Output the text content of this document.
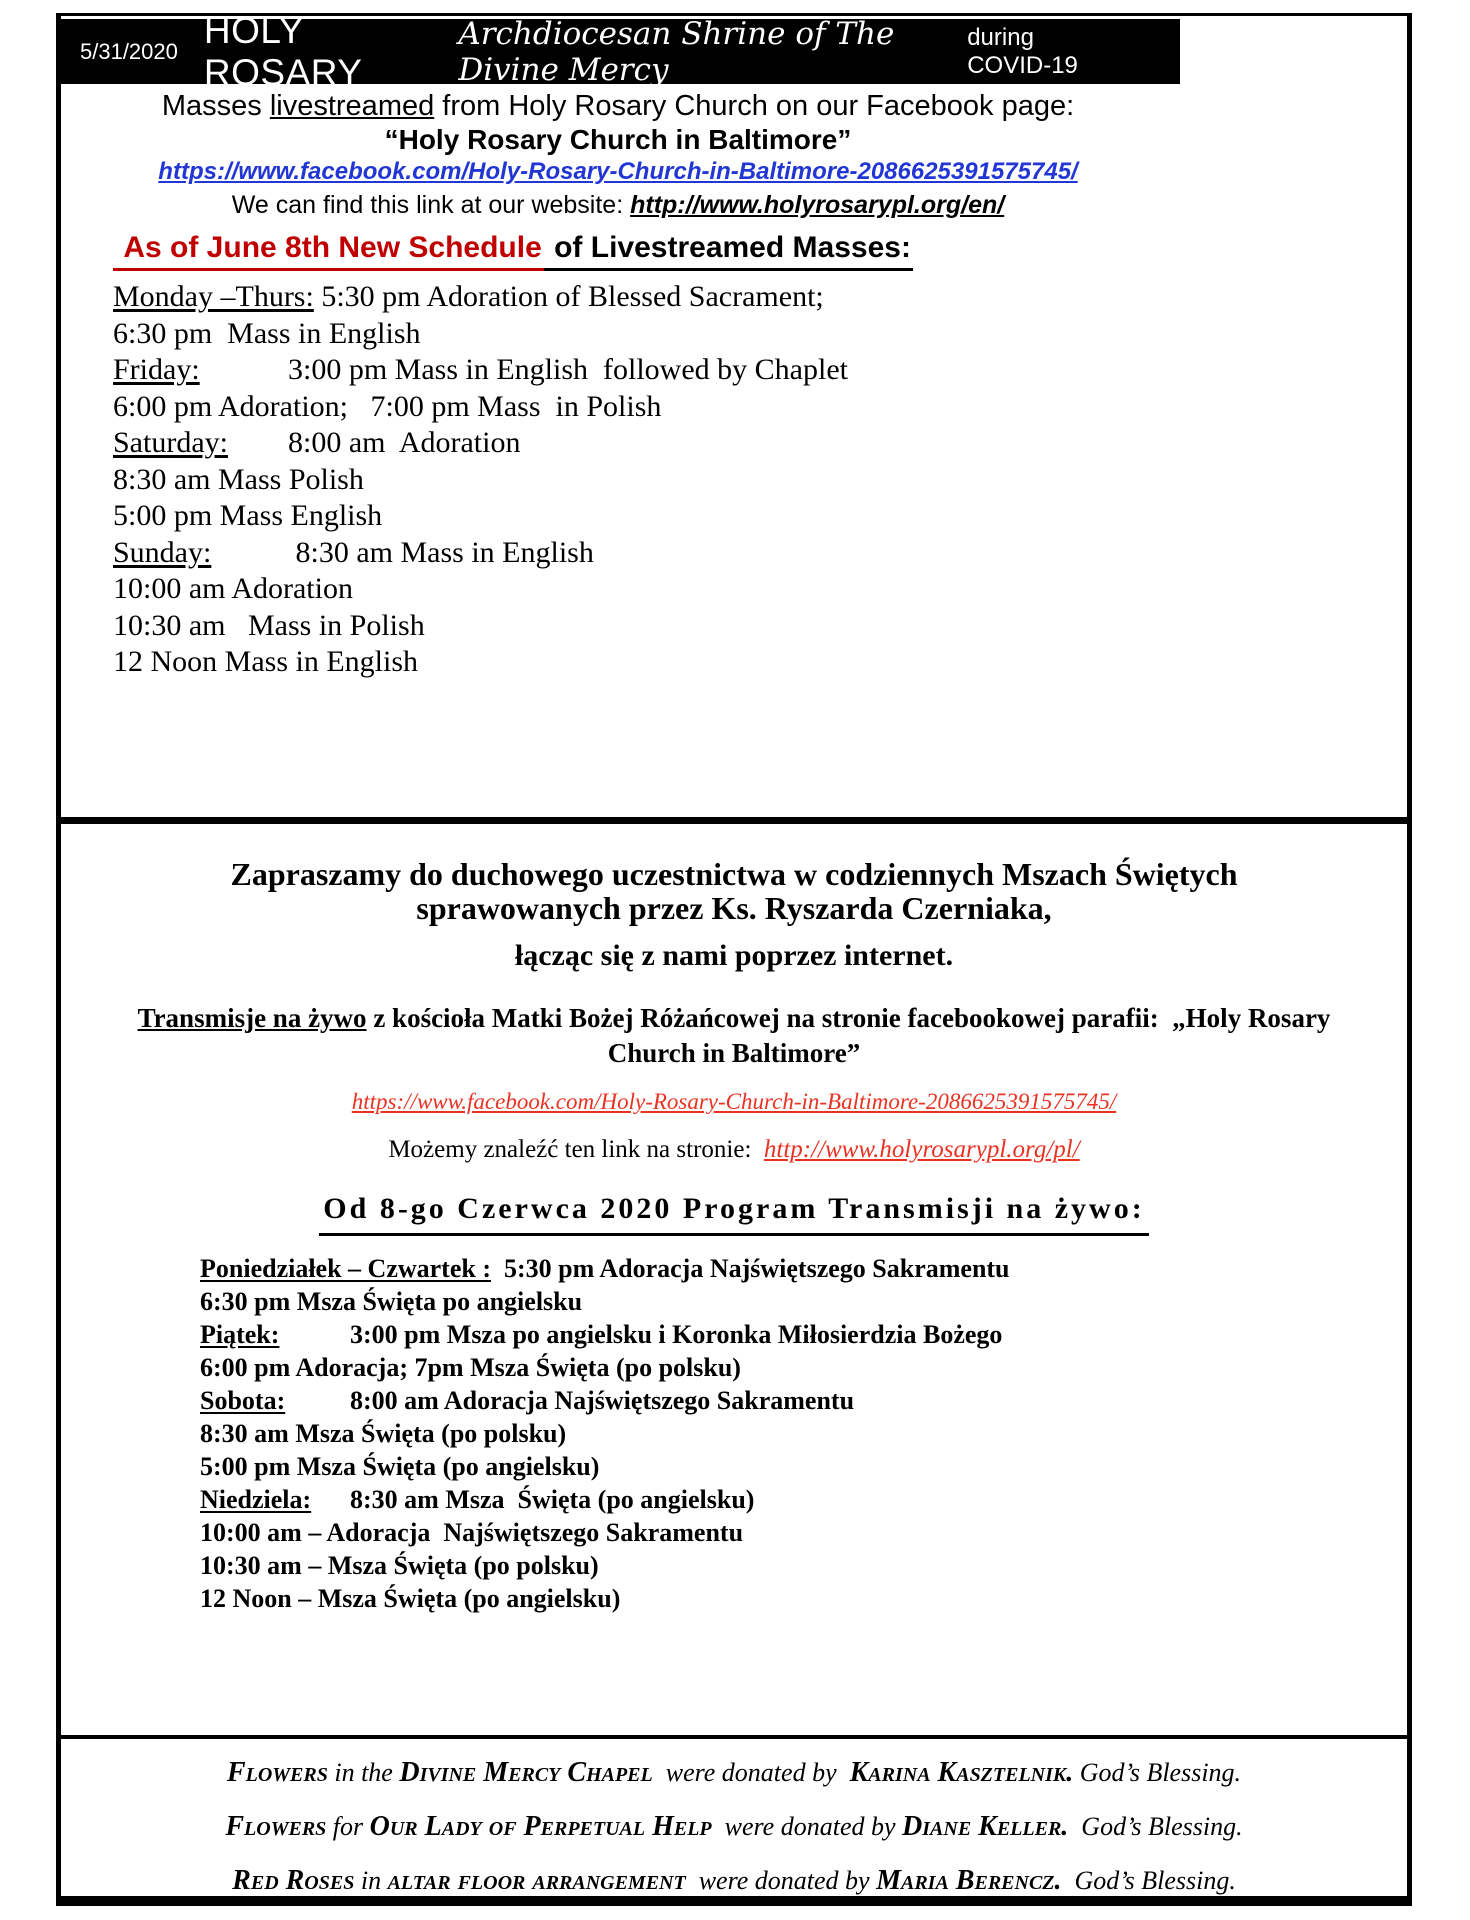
5/31/2020
HOLY ROSARY
Archdiocesan Shrine of The Divine Mercy
during COVID-19

Masses livestreamed from Holy Rosary Church on our Facebook page:

“Holy Rosary Church in Baltimore”

https://www.facebook.com/Holy-Rosary-Church-in-Baltimore-2086625391575745/

We can find this link at our website: http://www.holyrosarypl.org/en/

As of June 8th New Schedule of Livestreamed Masses:

Monday –Thurs: 5:30 pm Adoration of Blessed Sacrament;

6:30 pm  Mass in English

Friday:	3:00 pm Mass in English  followed by Chaplet

6:00 pm Adoration;   7:00 pm Mass  in Polish

Saturday: 8:00 am  Adoration

8:30 am Mass Polish

5:00 pm Mass English

Sunday:	8:30 am Mass in English

10:00 am Adoration

10:30 am   Mass in Polish

12 Noon Mass in English

Zapraszamy do duchowego uczestnictwa w codziennych Mszach Świętych

sprawowanych przez Ks. Ryszarda Czerniaka,

łącząc się z nami poprzez internet.

Transmisje na żywo z kościoła Matki Bożej Różańcowej na stronie facebookowej parafii:  „Holy Rosary Church in Baltimore”

https://www.facebook.com/Holy-Rosary-Church-in-Baltimore-2086625391575745/

Możemy znaleźć ten link na stronie:  http://www.holyrosarypl.org/pl/

Od 8-go Czerwca 2020 Program Transmisji na żywo:

Poniedziałek – Czwartek :  5:30 pm Adoracja Najświętszego Sakramentu

6:30 pm Msza Święta po angielsku

Piątek:	3:00 pm Msza po angielsku i Koronka Miłosierdzia Bożego

6:00 pm Adoracja; 7pm Msza Święta (po polsku)

Sobota: 8:00 am Adoracja Najświętszego Sakramentu

8:30 am Msza Święta (po polsku)

5:00 pm Msza Święta (po angielsku)

Niedziela: 8:30 am Msza  Święta (po angielsku)

10:00 am – Adoracja  Najświętszego Sakramentu

10:30 am – Msza Święta (po polsku)

12 Noon – Msza Święta (po angielsku)

Flowers in the Divine Mercy Chapel  were donated by  Karina Kasztelnik. God’s Blessing.

Flowers for Our Lady of Perpetual Help  were donated by Diane Keller.  God’s Blessing.

Red Roses in altar floor arrangement  were donated by Maria Berencz.  God’s Blessing.
